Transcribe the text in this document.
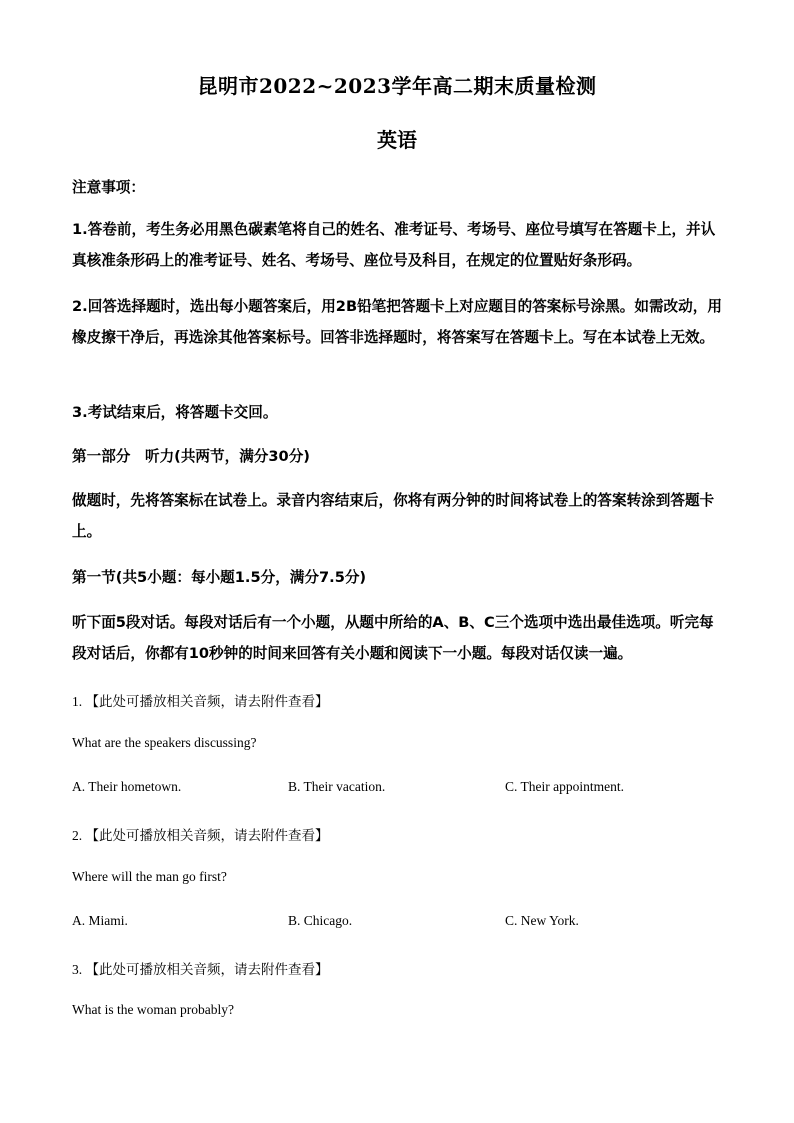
昆明市2022~2023学年高二期末质量检测
英语
注意事项：
1.答卷前，考生务必用黑色碳素笔将自己的姓名、准考证号、考场号、座位号填写在答题卡上，并认真核准条形码上的准考证号、姓名、考场号、座位号及科目，在规定的位置贴好条形码。
2.回答选择题时，选出每小题答案后，用2B铅笔把答题卡上对应题目的答案标号涂黑。如需改动，用橡皮擦干净后，再选涂其他答案标号。回答非选择题时，将答案写在答题卡上。写在本试卷上无效。
3.考试结束后，将答题卡交回。
第一部分　听力(共两节，满分30分)
做题时，先将答案标在试卷上。录音内容结束后，你将有两分钟的时间将试卷上的答案转涂到答题卡上。
第一节(共5小题：每小题1.5分，满分7.5分)
听下面5段对话。每段对话后有一个小题，从题中所给的A、B、C三个选项中选出最佳选项。听完每段对话后，你都有10秒钟的时间来回答有关小题和阅读下一小题。每段对话仅读一遍。
1. 【此处可播放相关音频，请去附件查看】
What are the speakers discussing?
A. Their hometown.	B. Their vacation.	C. Their appointment.
2. 【此处可播放相关音频，请去附件查看】
Where will the man go first?
A. Miami.	B. Chicago.	C. New York.
3. 【此处可播放相关音频，请去附件查看】
What is the woman probably?
